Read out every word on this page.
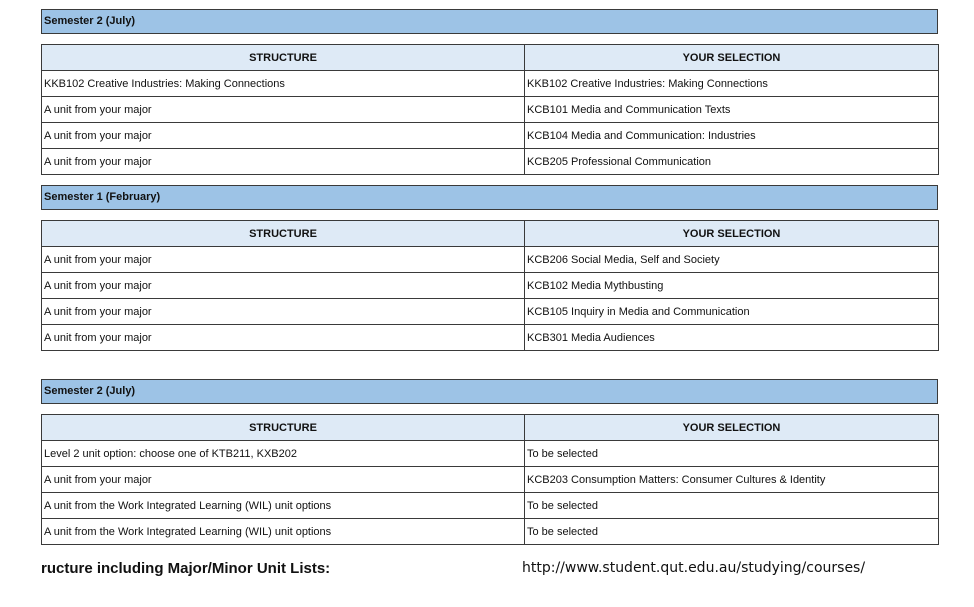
Semester 2 (July)
STRUCTURE	YOUR SELECTION
KKB102 Creative Industries: Making Connections	KKB102 Creative Industries: Making Connections
A unit from your major	KCB101 Media and Communication Texts
A unit from your major	KCB104 Media and Communication: Industries
A unit from your major	KCB205 Professional Communication
Semester 1 (February)
STRUCTURE	YOUR SELECTION
A unit from your major	KCB206 Social Media, Self and Society
A unit from your major	KCB102 Media Mythbusting
A unit from your major	KCB105 Inquiry in Media and Communication
A unit from your major	KCB301 Media Audiences
Semester 2 (July)
STRUCTURE	YOUR SELECTION
Level 2 unit option: choose one of KTB211, KXB202	To be selected
A unit from your major	KCB203 Consumption Matters: Consumer Cultures & Identity
A unit from the Work Integrated Learning (WIL) unit options	To be selected
A unit from the Work Integrated Learning (WIL) unit options	To be selected
ructure including Major/Minor Unit Lists:	http://www.student.qut.edu.au/studying/courses/
